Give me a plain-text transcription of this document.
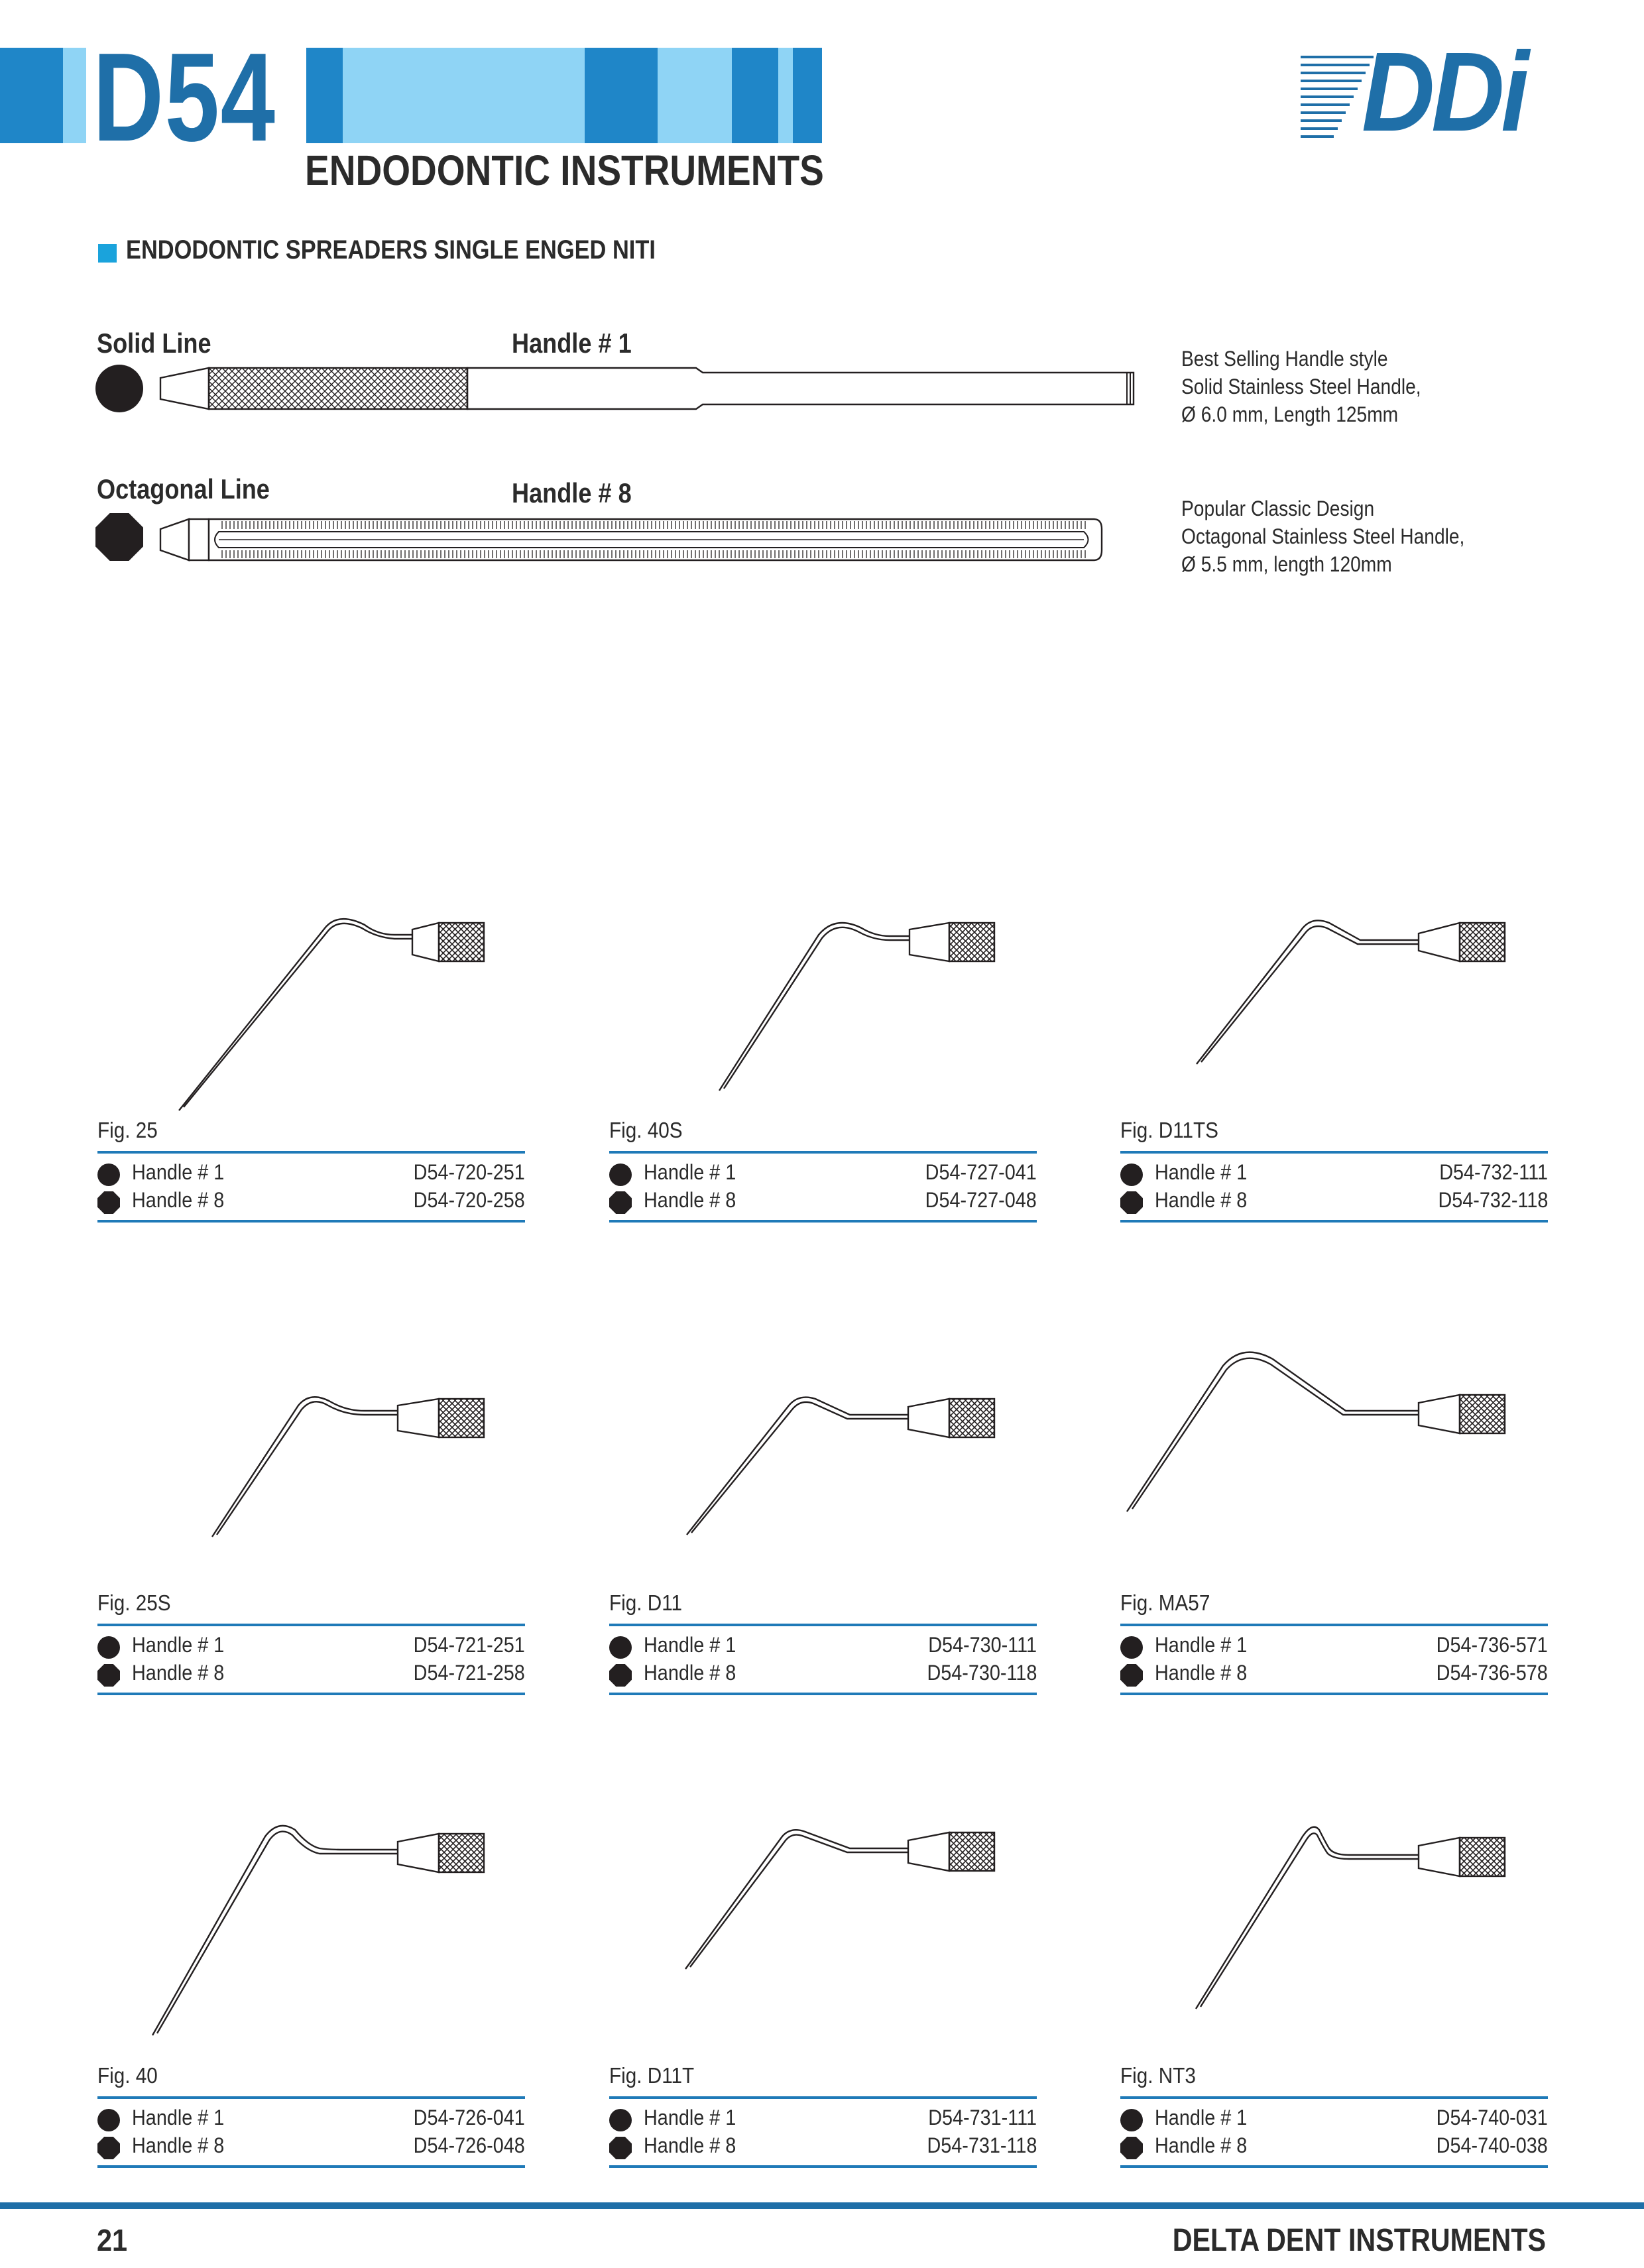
D54
ENDODONTIC INSTRUMENTS
DDi
ENDODONTIC SPREADERS SINGLE ENGED NITI
Solid Line	Handle # 1	Best Selling Handle style
Solid Stainless Steel Handle,
Ø 6.0 mm, Length 125mm
Octagonal Line	Handle # 8	Popular Classic Design
Octagonal Stainless Steel Handle,
Ø 5.5 mm, length 120mm
Fig. 25
Handle # 1	D54-720-251
Handle # 8	D54-720-258
Fig. 40S
Handle # 1	D54-727-041
Handle # 8	D54-727-048
Fig. D11TS
Handle # 1	D54-732-111
Handle # 8	D54-732-118
Fig. 25S
Handle # 1	D54-721-251
Handle # 8	D54-721-258
Fig. D11
Handle # 1	D54-730-111
Handle # 8	D54-730-118
Fig. MA57
Handle # 1	D54-736-571
Handle # 8	D54-736-578
Fig. 40
Handle # 1	D54-726-041
Handle # 8	D54-726-048
Fig. D11T
Handle # 1	D54-731-111
Handle # 8	D54-731-118
Fig. NT3
Handle # 1	D54-740-031
Handle # 8	D54-740-038
21	DELTA DENT INSTRUMENTS
